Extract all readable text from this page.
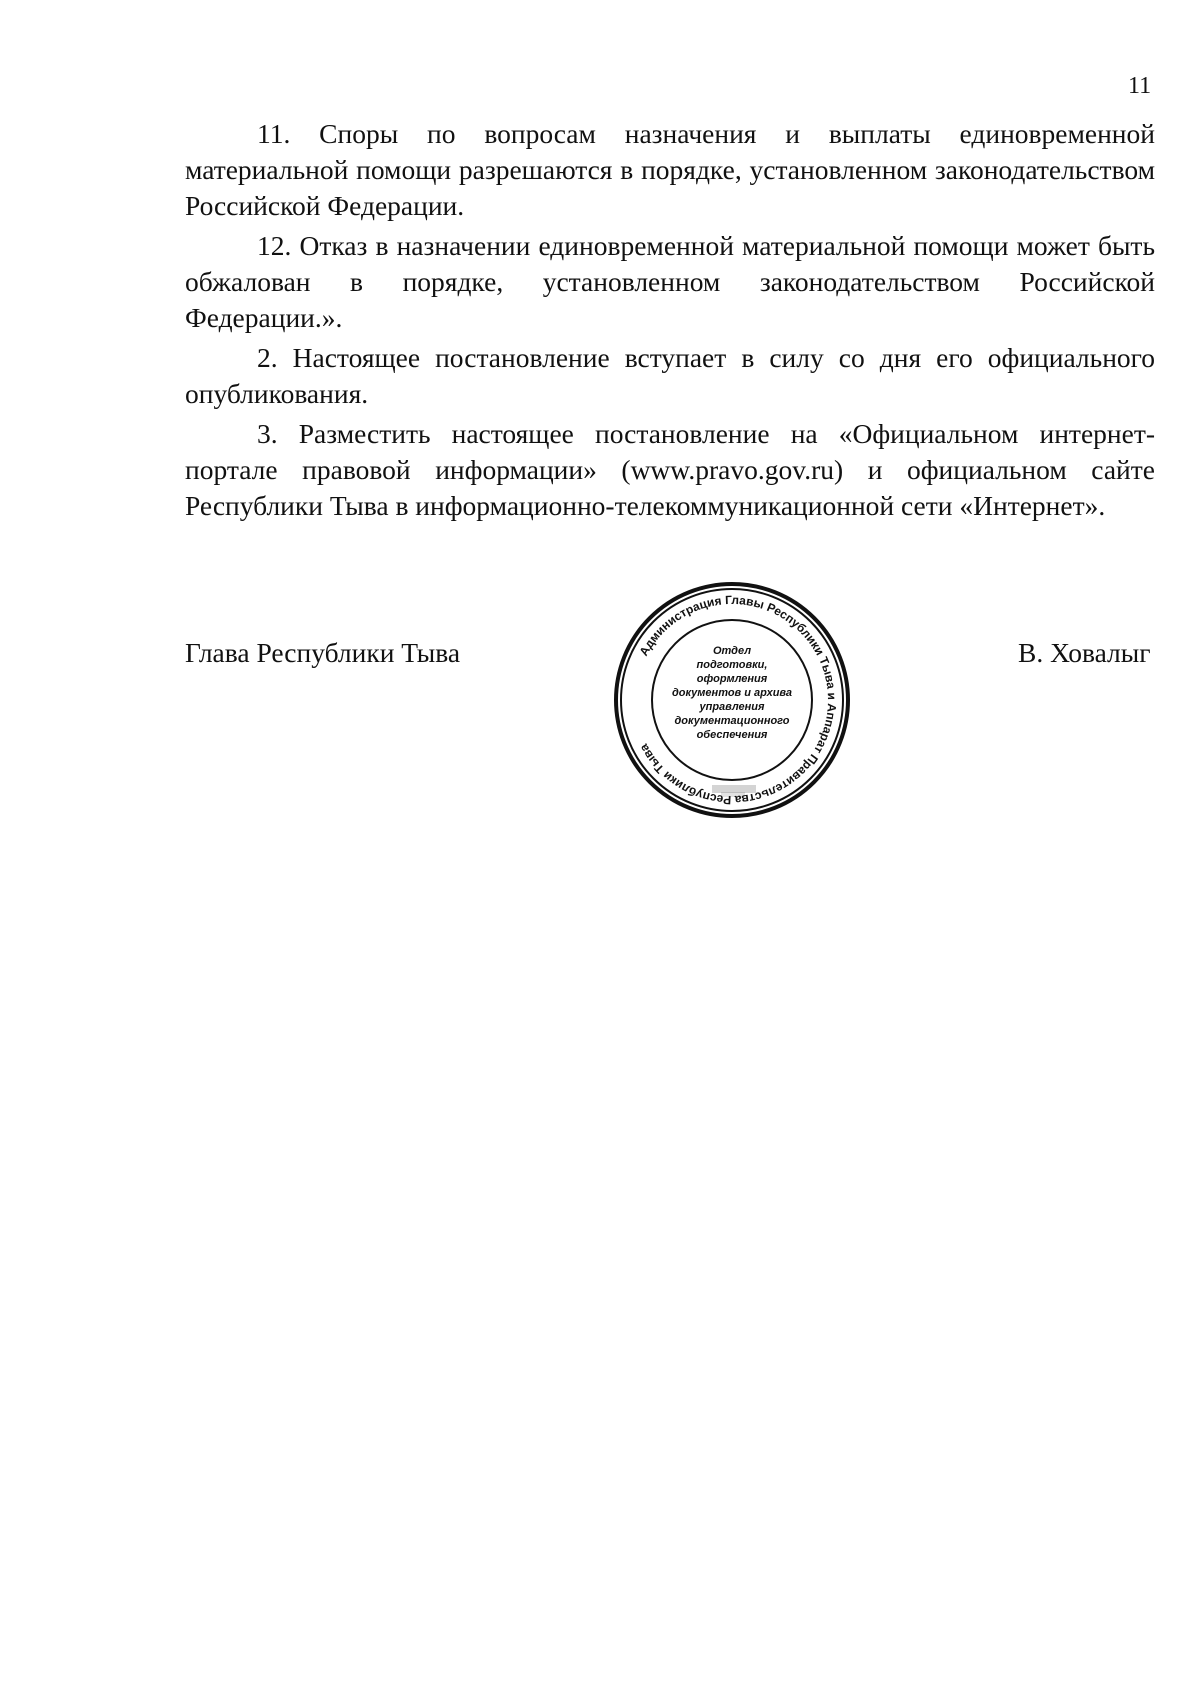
11

11. Споры по вопросам назначения и выплаты единовременной материальной помощи разрешаются в порядке, установленном законодательством Российской Федерации.

12. Отказ в назначении единовременной материальной помощи может быть обжалован в порядке, установленном законодательством Российской Федерации.».

2. Настоящее постановление вступает в силу со дня его официального опубликования.

3. Разместить настоящее постановление на «Официальном интернет-портале правовой информации» (www.pravo.gov.ru) и официальном сайте Республики Тыва в информационно-телекоммуникационной сети «Интернет».

Глава Республики Тыва	В. Ховалыг
Администрация Главы Республики Тыва и Аппарат Правительства Республики Тыва
Отдел
подготовки,
оформления
документов и архива
управления
документационного
обеспечения
